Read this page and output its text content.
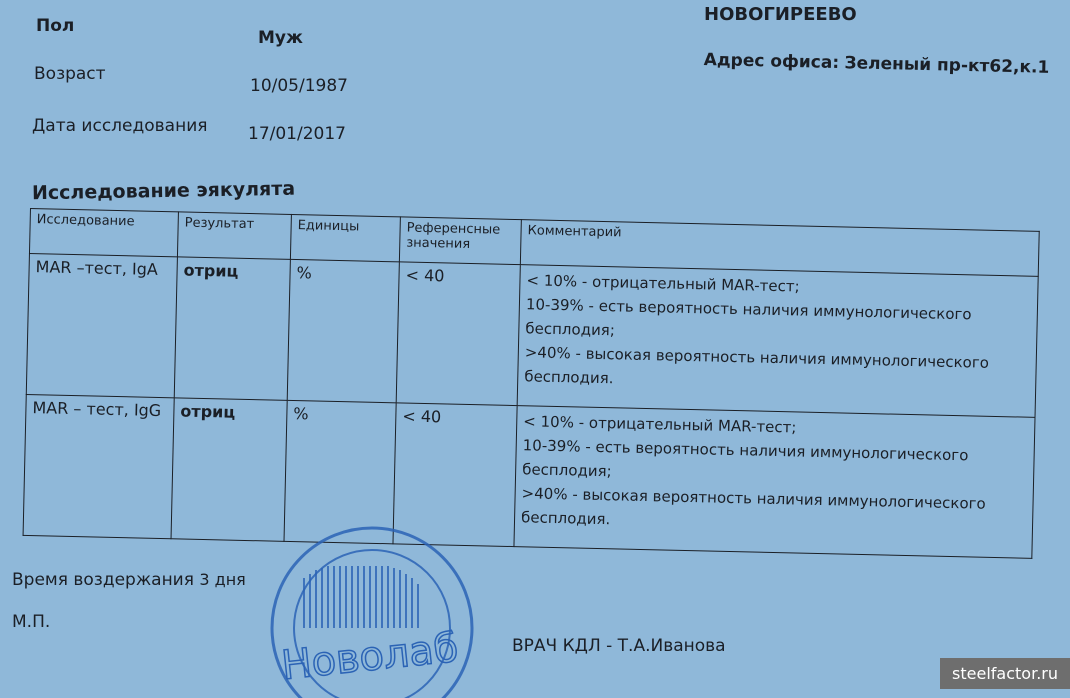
Пол
Муж
Возраст
10/05/1987
Дата исследования 17/01/2017
НОВОГИРЕЕВО
Адрес офиса: Зеленый пр-кт62,к.1
Исследование эякулята
Исследование	Результат	Единицы	Референсные значения	Комментарий
MAR –тест, IgA	отриц	%	< 40	< 10% - отрицательный MAR-тест;
10-39% - есть вероятность наличия иммунологического бесплодия;
>40% - высокая вероятность наличия иммунологического бесплодия.

MAR – тест, IgG	отриц	%	< 40	< 10% - отрицательный MAR-тест;
10-39% - есть вероятность наличия иммунологического бесплодия;
>40% - высокая вероятность наличия иммунологического бесплодия.
Время воздержания 3 дня
М.П.
ВРАЧ КДЛ - Т.А.Иванова
Новолаб	steelfactor.ru
